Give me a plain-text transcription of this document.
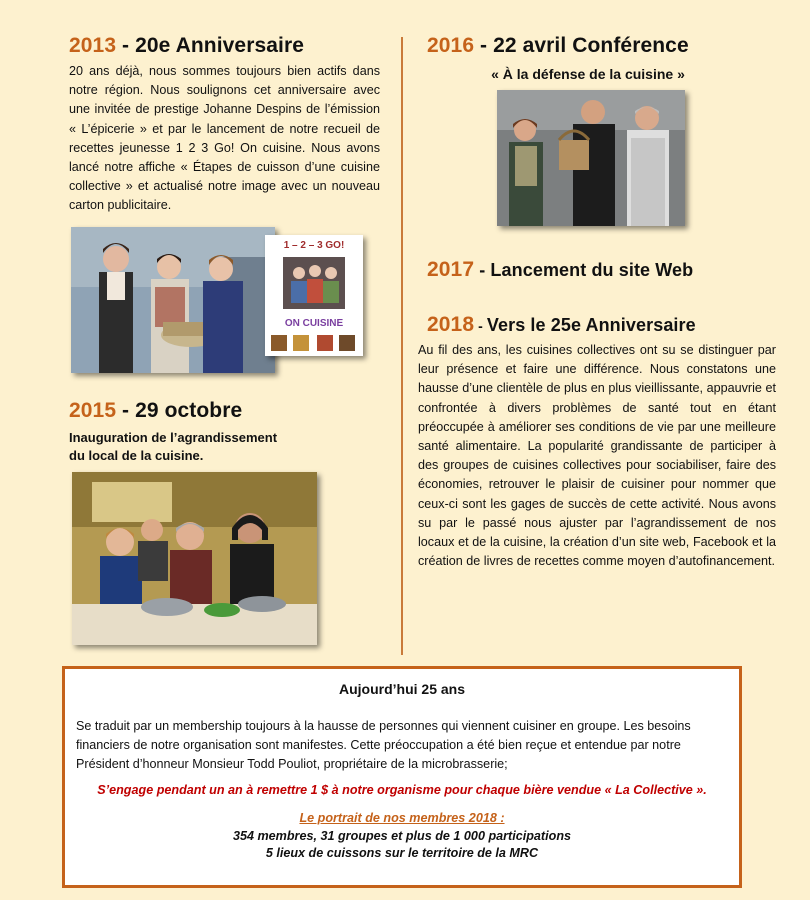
2013 - 20e Anniversaire

20 ans déjà, nous sommes toujours bien actifs dans notre région. Nous soulignons cet anniversaire avec une invitée de prestige Johanne Despins de l’émission « L’épicerie » et par le lancement de notre recueil de recettes jeunesse 1 2 3 Go! On cuisine. Nous avons lancé notre affiche « Étapes de cuisson d’une cuisine collective » et actualisé notre image avec un nouveau carton publicitaire.

1 – 2 – 3 GO!
ON CUISINE
2015 - 29 octobre
Inauguration de l’agrandissement
du local de la cuisine.
2016 - 22 avril Conférence
« À la défense de la cuisine »
2017 - Lancement du site Web
2018 - Vers le 25e Anniversaire

Au fil des ans, les cuisines collectives ont su se distinguer par leur présence et faire une différence. Nous constatons une hausse d’une clientèle de plus en plus vieillissante, appauvrie et confrontée à divers problèmes de santé tout en étant préoccupée à améliorer ses conditions de vie par une meilleure santé alimentaire. La popularité grandissante de participer à des groupes de cuisines collectives pour sociabiliser, faire des économies, retrouver le plaisir de cuisiner pour nommer que ceux-ci sont les gages de succès de cette activité. Nous avons su par le passé nous ajuster par l’agrandissement de nos locaux et de la cuisine, la création d’un site web, Facebook et la création de livres de recettes comme moyen d’autofinancement.

Aujourd’hui 25 ans

Se traduit par un membership toujours à la hausse de personnes qui viennent cuisiner en groupe. Les besoins financiers de notre organisation sont manifestes. Cette préoccupation a été bien reçue et entendue par notre Président d’honneur Monsieur Todd Pouliot, propriétaire de la microbrasserie;

S’engage pendant un an à remettre 1 $ à notre organisme pour chaque bière vendue « La Collective ».

Le portrait de nos membres 2018 :

354 membres, 31 groupes et plus de 1 000 participations
5 lieux de cuissons sur le territoire de la MRC
